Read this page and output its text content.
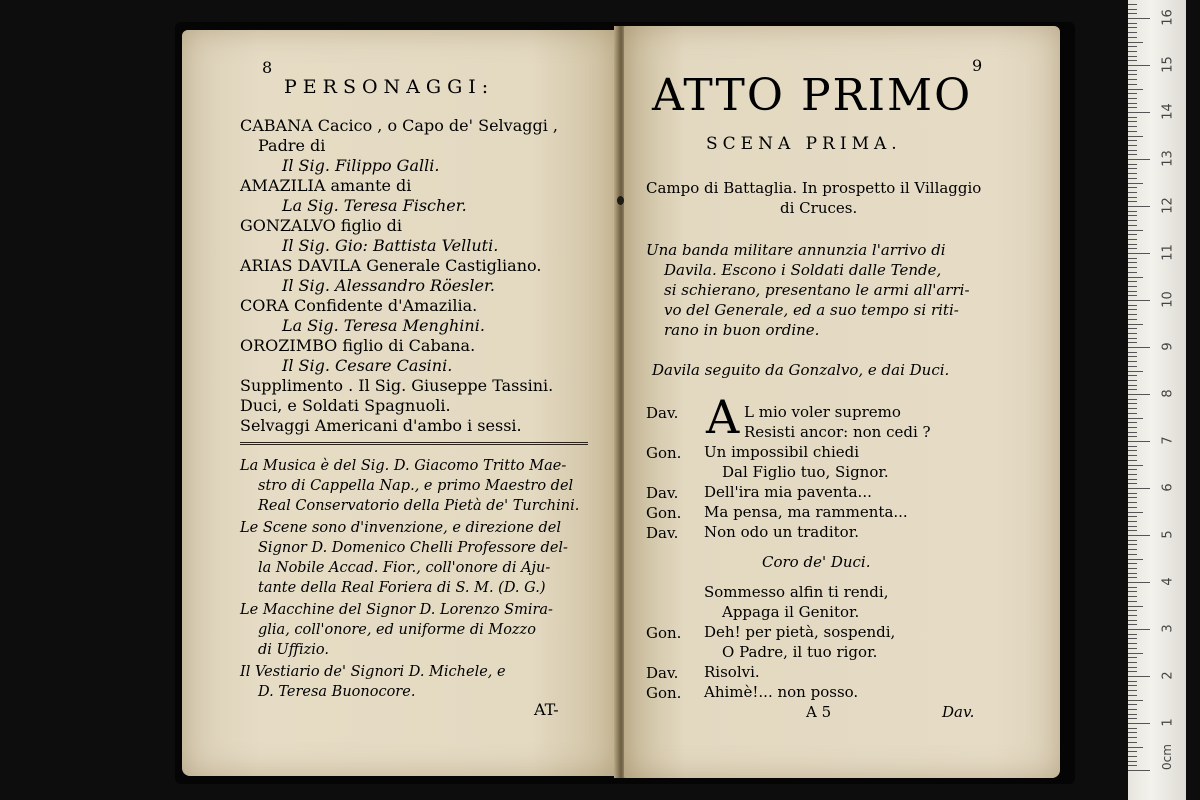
8
PERSONAGGI:
CABANA Cacico , o Capo de' Selvaggi ,
Padre di
Il Sig. Filippo Galli.
AMAZILIA amante di
La Sig. Teresa Fischer.
GONZALVO figlio di
Il Sig. Gio: Battista Velluti.
ARIAS DAVILA Generale Castigliano.
Il Sig. Alessandro Röesler.
CORA Confidente d'Amazilia.
La Sig. Teresa Menghini.
OROZIMBO figlio di Cabana.
Il Sig. Cesare Casini.
Supplimento . Il Sig. Giuseppe Tassini.
Duci, e Soldati Spagnuoli.
Selvaggi Americani d'ambo i sessi.
La Musica è del Sig. D. Giacomo Tritto Mae-
stro di Cappella Nap., e primo Maestro del
Real Conservatorio della Pietà de' Turchini.
Le Scene sono d'invenzione, e direzione del
Signor D. Domenico Chelli Professore del-
la Nobile Accad. Fior., coll'onore di Aju-
tante della Real Foriera di S. M. (D. G.)
Le Macchine del Signor D. Lorenzo Smira-
glia, coll'onore, ed uniforme di Mozzo
di Uffizio.
Il Vestiario de' Signori D. Michele, e
D. Teresa Buonocore.
AT-
9
ATTO PRIMO
SCENA PRIMA.
Campo di Battaglia. In prospetto il Villaggio
di Cruces.
Una banda militare annunzia l'arrivo di
Davila. Escono i Soldati dalle Tende,
si schierano, presentano le armi all'arri-
vo del Generale, ed a suo tempo si riti-
rano in buon ordine.
Davila seguito da Gonzalvo, e dai Duci.
A
Dav.	L mio voler supremo
Resisti ancor: non cedi ?
Gon. Un impossibil chiedi
Dal Figlio tuo, Signor.
Dav. Dell'ira mia paventa...
Gon. Ma pensa, ma rammenta...
Dav. Non odo un traditor.
Coro de' Duci.
Sommesso alfin ti rendi,
Appaga il Genitor.
Gon. Deh! per pietà, sospendi,
O Padre, il tuo rigor.
Dav. Risolvi.
Gon. Ahimè!... non posso.
A 5	Dav.
1
2
3
4
5
6
7
8
9
10
11
12
13
14
15
16
0cm
